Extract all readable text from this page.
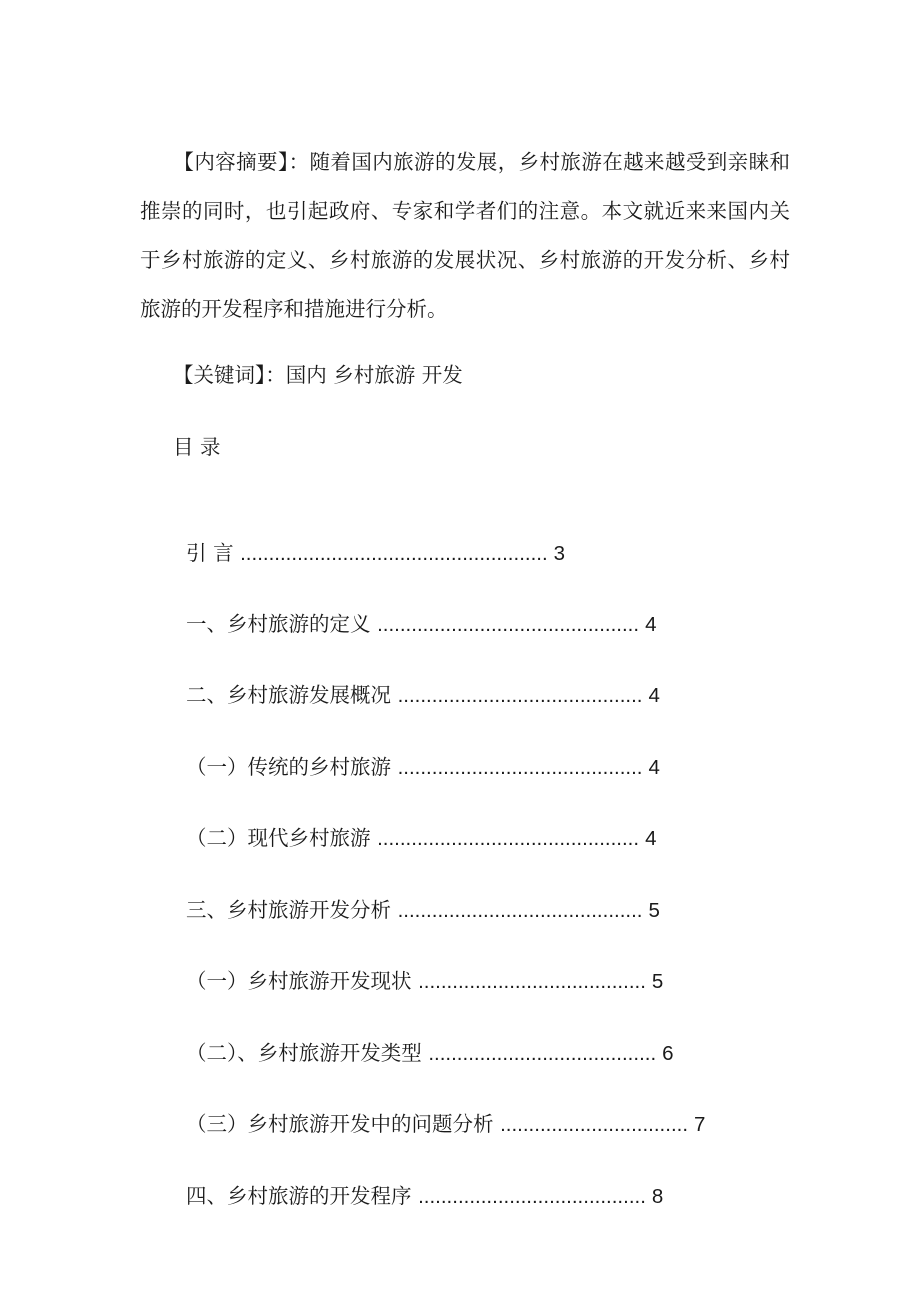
【内容摘要】：随着国内旅游的发展，乡村旅游在越来越受到亲睐和推崇的同时，也引起政府、专家和学者们的注意。本文就近来来国内关于乡村旅游的定义、乡村旅游的发展状况、乡村旅游的开发分析、乡村旅游的开发程序和措施进行分析。

【关键词】：国内 乡村旅游 开发
目 录

引 言 ...................................................... 3

一、乡村旅游的定义 .............................................. 4

二、乡村旅游发展概况 ........................................... 4

（一）传统的乡村旅游 ........................................... 4

（二）现代乡村旅游 .............................................. 4

三、乡村旅游开发分析 ........................................... 5

（一）乡村旅游开发现状 ........................................ 5

（二）、乡村旅游开发类型 ........................................ 6

（三）乡村旅游开发中的问题分析 ................................. 7

四、乡村旅游的开发程序 ........................................ 8
